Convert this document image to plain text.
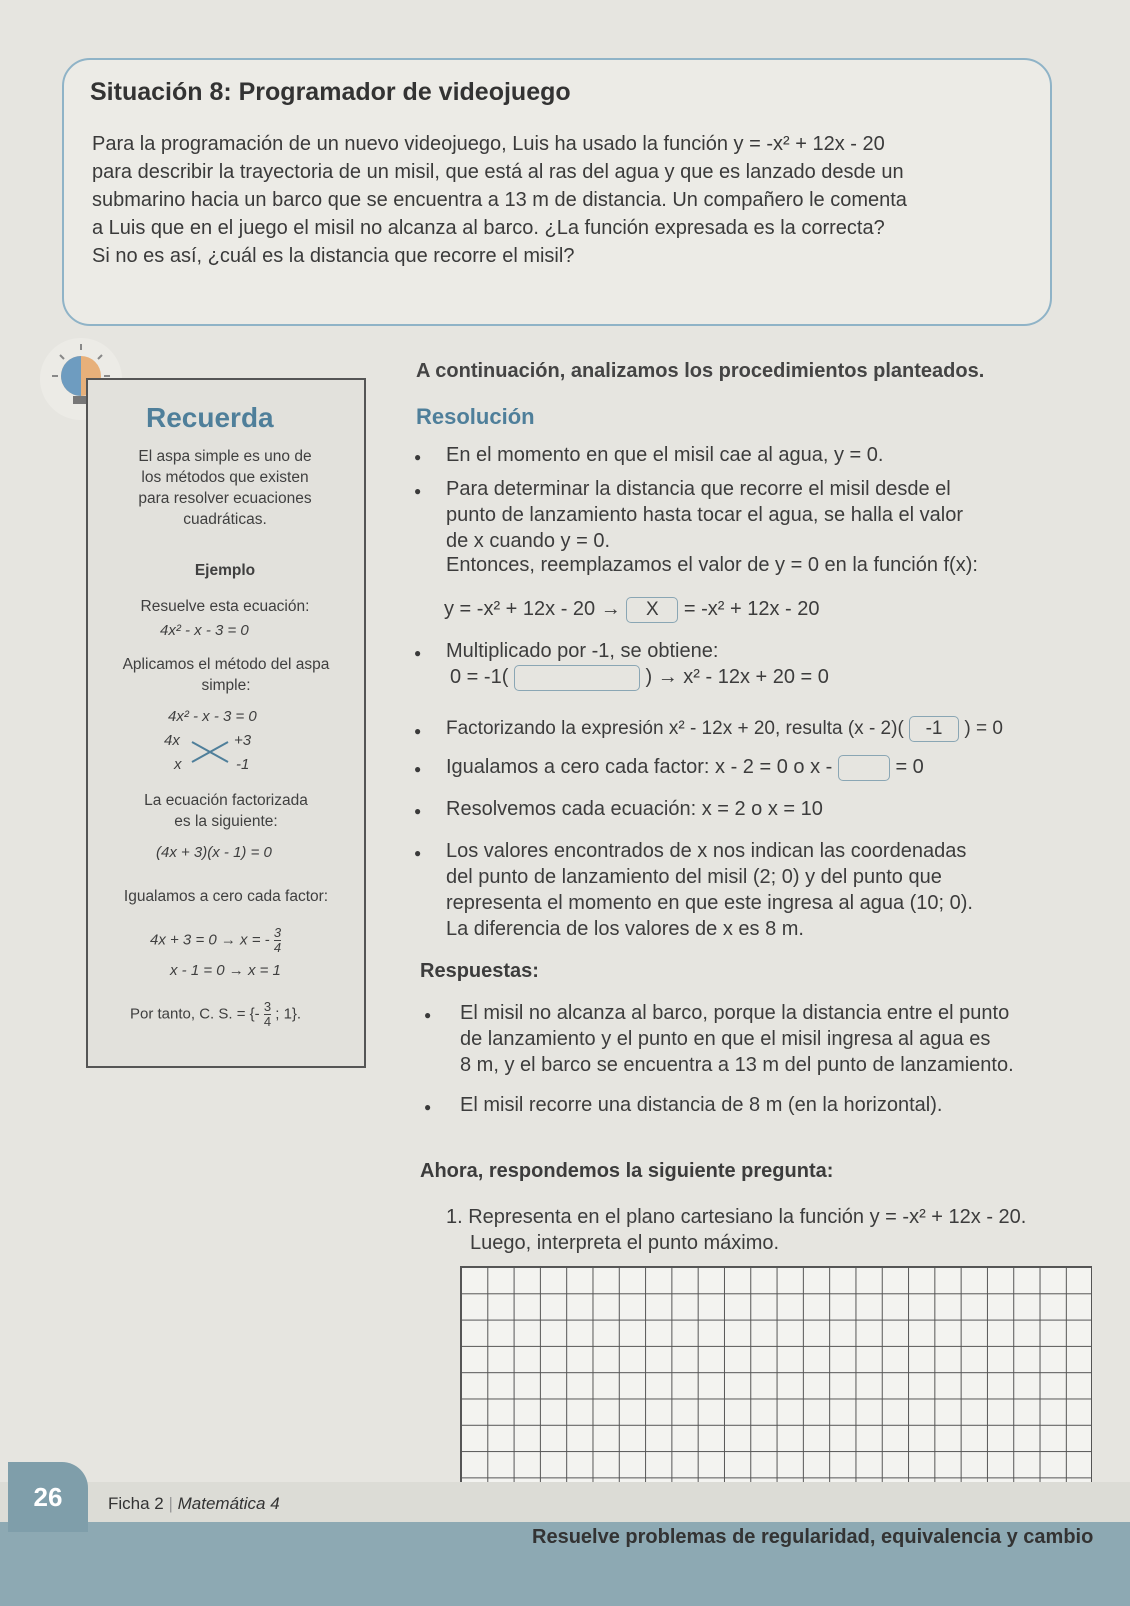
Situación 8: Programador de videojuego
Para la programación de un nuevo videojuego, Luis ha usado la función y = -x² + 12x - 20
para describir la trayectoria de un misil, que está al ras del agua y que es lanzado desde un
submarino hacia un barco que se encuentra a 13 m de distancia. Un compañero le comenta
a Luis que en el juego el misil no alcanza al barco. ¿La función expresada es la correcta?
Si no es así, ¿cuál es la distancia que recorre el misil?
Recuerda
El aspa simple es uno de
los métodos que existen
para resolver ecuaciones
cuadráticas.
Ejemplo
Resuelve esta ecuación:
4x² - x - 3 = 0
Aplicamos el método del aspa
simple:
4x² - x - 3 = 0
4x
x
+3
-1
La ecuación factorizada
es la siguiente:
(4x + 3)(x - 1) = 0
Igualamos a cero cada factor:
4x + 3 = 0 → x = - $\frac{3}{4}$
x - 1 = 0 → x = 1
Por tanto, C. S. = {- $\frac{3}{4}$ ; 1}.
A continuación, analizamos los procedimientos planteados.
Resolución
● En el momento en que el misil cae al agua, y = 0.
● Para determinar la distancia que recorre el misil desde el
punto de lanzamiento hasta tocar el agua, se halla el valor
de x cuando y = 0.
Entonces, reemplazamos el valor de y = 0 en la función f(x):
y = -x² + 12x - 20 → X = -x² + 12x - 20
● Multiplicado por -1, se obtiene:
0 = -1(	) → x² - 12x + 20 = 0
● Factorizando la expresión x² - 12x + 20, resulta (x - 2)( -1 ) = 0
● Igualamos a cero cada factor: x - 2 = 0 o x -	= 0
● Resolvemos cada ecuación: x = 2 o x = 10
● Los valores encontrados de x nos indican las coordenadas
del punto de lanzamiento del misil (2; 0) y del punto que
representa el momento en que este ingresa al agua (10; 0).
La diferencia de los valores de x es 8 m.
Respuestas:
● El misil no alcanza al barco, porque la distancia entre el punto
de lanzamiento y el punto en que el misil ingresa al agua es
8 m, y el barco se encuentra a 13 m del punto de lanzamiento.
● El misil recorre una distancia de 8 m (en la horizontal).
Ahora, respondemos la siguiente pregunta:
1. Representa en el plano cartesiano la función y = -x² + 12x - 20.
Luego, interpreta el punto máximo.
26	Ficha 2 | Matemática 4
Resuelve problemas de regularidad, equivalencia y cambio
